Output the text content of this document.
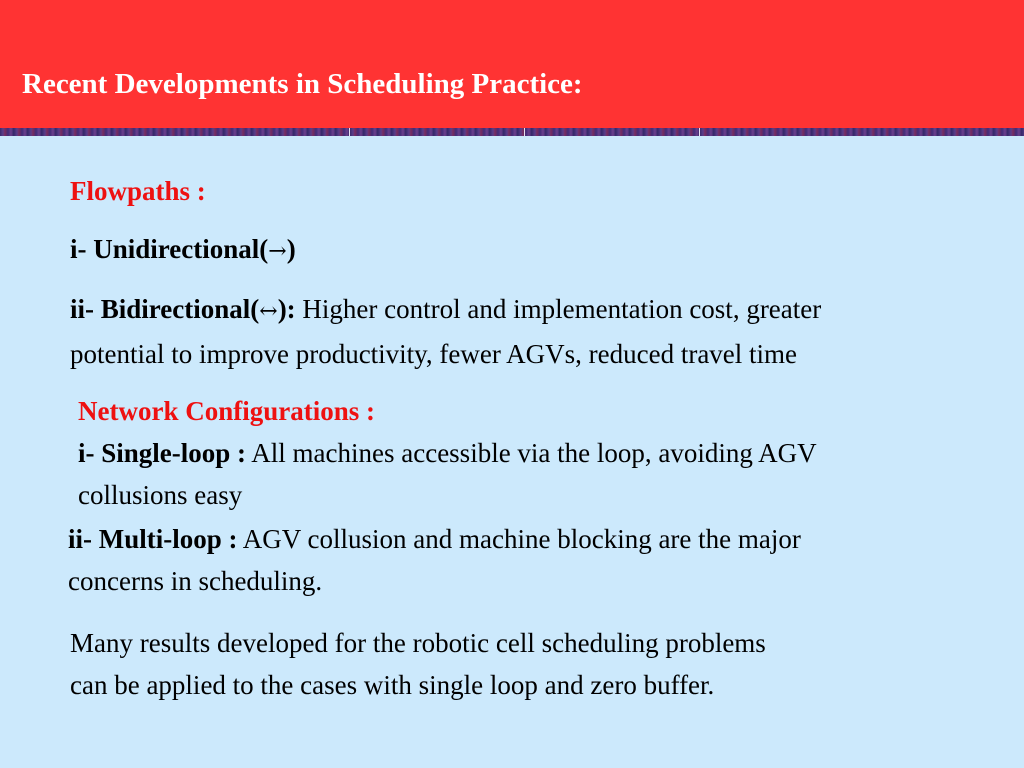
Recent Developments in Scheduling Practice:
Flowpaths :
i- Unidirectional(→)
ii- Bidirectional(↔): Higher control and implementation cost, greater
potential to improve productivity, fewer AGVs, reduced travel time
Network Configurations :
i- Single-loop : All machines accessible via the loop, avoiding AGV
collusions easy
ii- Multi-loop : AGV collusion and machine blocking are the major
concerns in scheduling.
Many results developed for the robotic cell scheduling problems
can be applied to the cases with single loop and zero buffer.
